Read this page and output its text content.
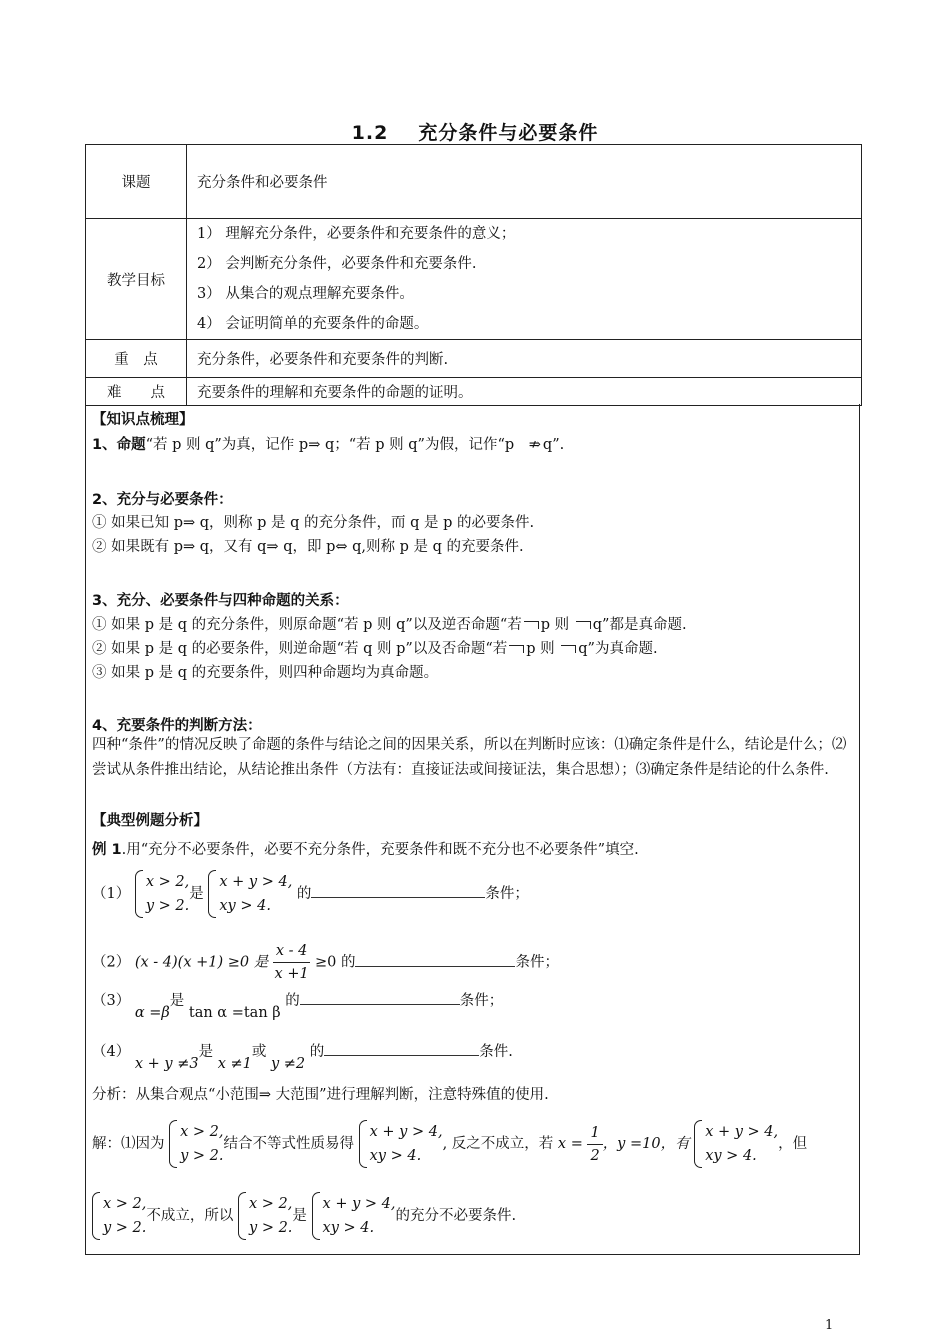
1.2 充分条件与必要条件
课题	充分条件和必要条件
教学目标	1） 理解充分条件，必要条件和充要条件的意义；
2） 会判断充分条件，必要条件和充要条件.
3） 从集合的观点理解充要条件。
4） 会证明简单的充要条件的命题。

重　点	充分条件，必要条件和充要条件的判断.
难　　点	充要条件的理解和充要条件的命题的证明。
【知识点梳理】
1、命题“若 p 则 q”为真，记作 p⇒ q；“若 p 则 q”为假，记作“p ⇏ q”.
2、充分与必要条件：
① 如果已知 p⇒ q，则称 p 是 q 的充分条件，而 q 是 p 的必要条件.
② 如果既有 p⇒ q，又有 q⇒ q，即 p⇔ q,则称 p 是 q 的充要条件.
3、充分、必要条件与四种命题的关系：
① 如果 p 是 q 的充分条件，则原命题“若 p 则 q”以及逆否命题“若 p 则 q”都是真命题.
② 如果 p 是 q 的必要条件，则逆命题“若 q 则 p”以及否命题“若 p 则 q”为真命题.
③ 如果 p 是 q 的充要条件，则四种命题均为真命题。
4、充要条件的判断方法：
四种“条件”的情况反映了命题的条件与结论之间的因果关系，所以在判断时应该：⑴确定条件是什么，结论是什么；⑵尝试从条件推出结论，从结论推出条件（方法有：直接证法或间接证法，集合思想）；⑶确定条件是结论的什么条件.
【典型例题分析】
例 1.用“充分不必要条件，必要不充分条件，充要条件和既不充分也不必要条件”填空.
（1）
x > 2,
y > 2.
是
x + y > 4,
xy > 4.
的	条件；
（2） (x - 4)(x +1) ≥0 是 $\frac{x - 4}{x +1} \ge 0$ 的	条件；
（3） α =β是 tan α =tan β 的	条件；
（4） x + y ≠3是 x ≠1或 y ≠2 的	条件.
分析：从集合观点“小范围⇒ 大范围”进行理解判断，注意特殊值的使用.
解：⑴因为
x > 2,
y > 2.
结合不等式性质易得
x + y > 4,
xy > 4.
, 反之不成立，若 $x = \frac{1}{2}$ ，y =10，有
x + y > 4,
xy > 4.
，但
x > 2,
y > 2.
不成立，所以
x > 2,
y > 2.
是
x + y > 4,
xy > 4.
的充分不必要条件.
1
